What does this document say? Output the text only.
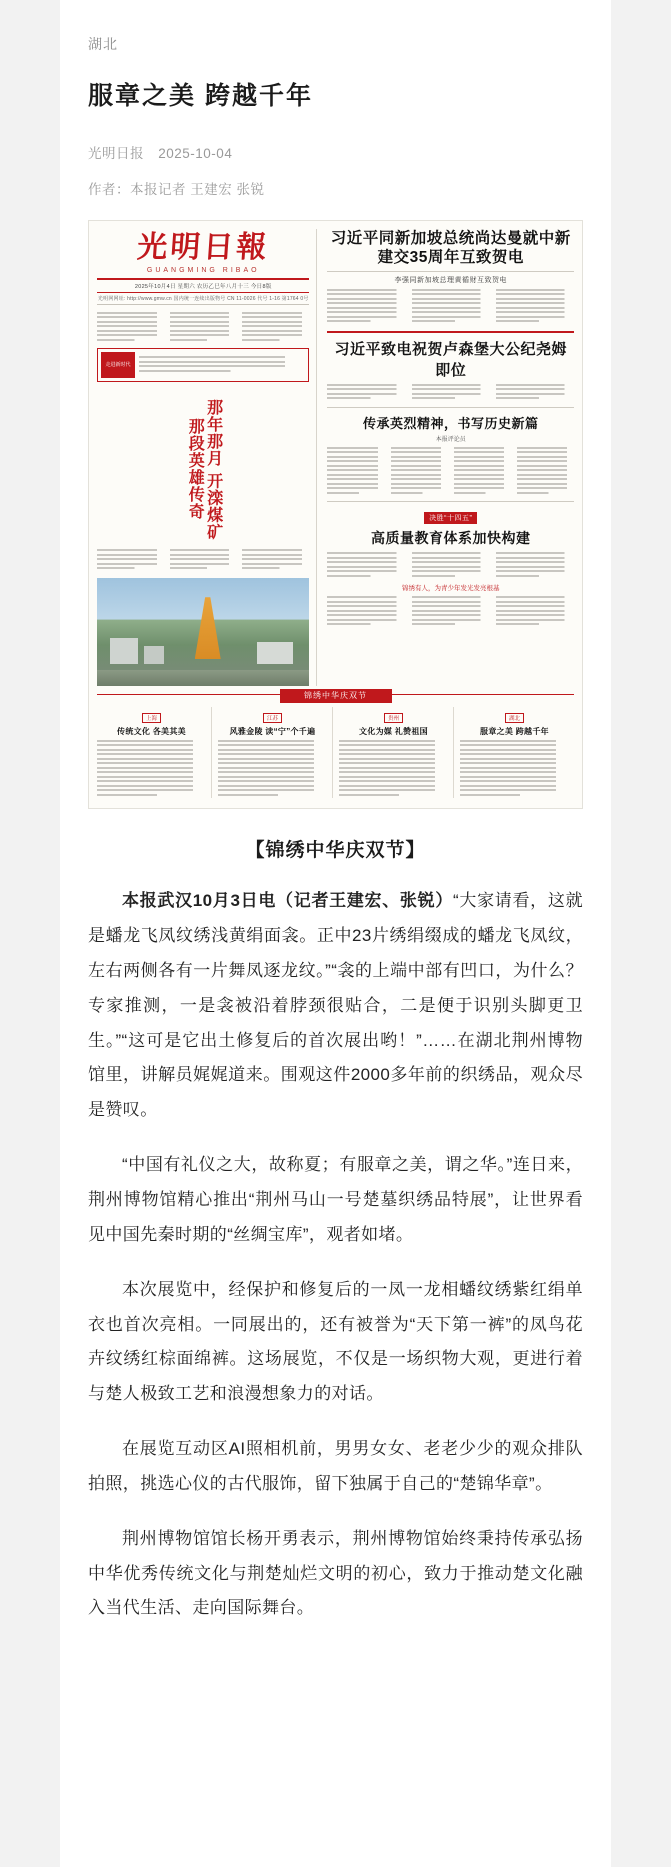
湖北
服章之美 跨越千年
光明日报 2025-10-04
作者：本报记者 王建宏 张锐
光明日報
GUANGMING RIBAO
2025年10月4日 星期六 农历乙巳年八月十三 今日8版
光明网网址: http://www.gmw.cn 国内统一连续出版物号 CN 11-0026 代号 1-16 第1764 0号
走进新时代
那年那月 开滦煤矿那段英雄传奇
习近平同新加坡总统尚达曼就中新建交35周年互致贺电
李强同新加坡总理黄循财互致贺电
习近平致电祝贺卢森堡大公纪尧姆即位
传承英烈精神，书写历史新篇
本报评论员
决胜“十四五”
高质量教育体系加快构建
锦绣有人，为青少年发光发亮根基
锦绣中华庆双节
上海
传统文化 各美其美
江苏
风雅金陵 读“宁”个千遍
贵州
文化为媒 礼赞祖国
湖北
服章之美 跨越千年
【锦绣中华庆双节】

本报武汉10月3日电（记者王建宏、张锐）“大家请看，这就是蟠龙飞凤纹绣浅黄绢面衾。正中23片绣绢缀成的蟠龙飞凤纹，左右两侧各有一片舞凤逐龙纹。”“衾的上端中部有凹口，为什么？专家推测，一是衾被沿着脖颈很贴合，二是便于识别头脚更卫生。”“这可是它出土修复后的首次展出哟！”……在湖北荆州博物馆里，讲解员娓娓道来。围观这件2000多年前的织绣品，观众尽是赞叹。

“中国有礼仪之大，故称夏；有服章之美，谓之华。”连日来，荆州博物馆精心推出“荆州马山一号楚墓织绣品特展”，让世界看见中国先秦时期的“丝绸宝库”，观者如堵。

本次展览中，经保护和修复后的一凤一龙相蟠纹绣紫红绢单衣也首次亮相。一同展出的，还有被誉为“天下第一裤”的凤鸟花卉纹绣红棕面绵裤。这场展览，不仅是一场织物大观，更进行着与楚人极致工艺和浪漫想象力的对话。

在展览互动区AI照相机前，男男女女、老老少少的观众排队拍照，挑选心仪的古代服饰，留下独属于自己的“楚锦华章”。

荆州博物馆馆长杨开勇表示，荆州博物馆始终秉持传承弘扬中华优秀传统文化与荆楚灿烂文明的初心，致力于推动楚文化融入当代生活、走向国际舞台。
